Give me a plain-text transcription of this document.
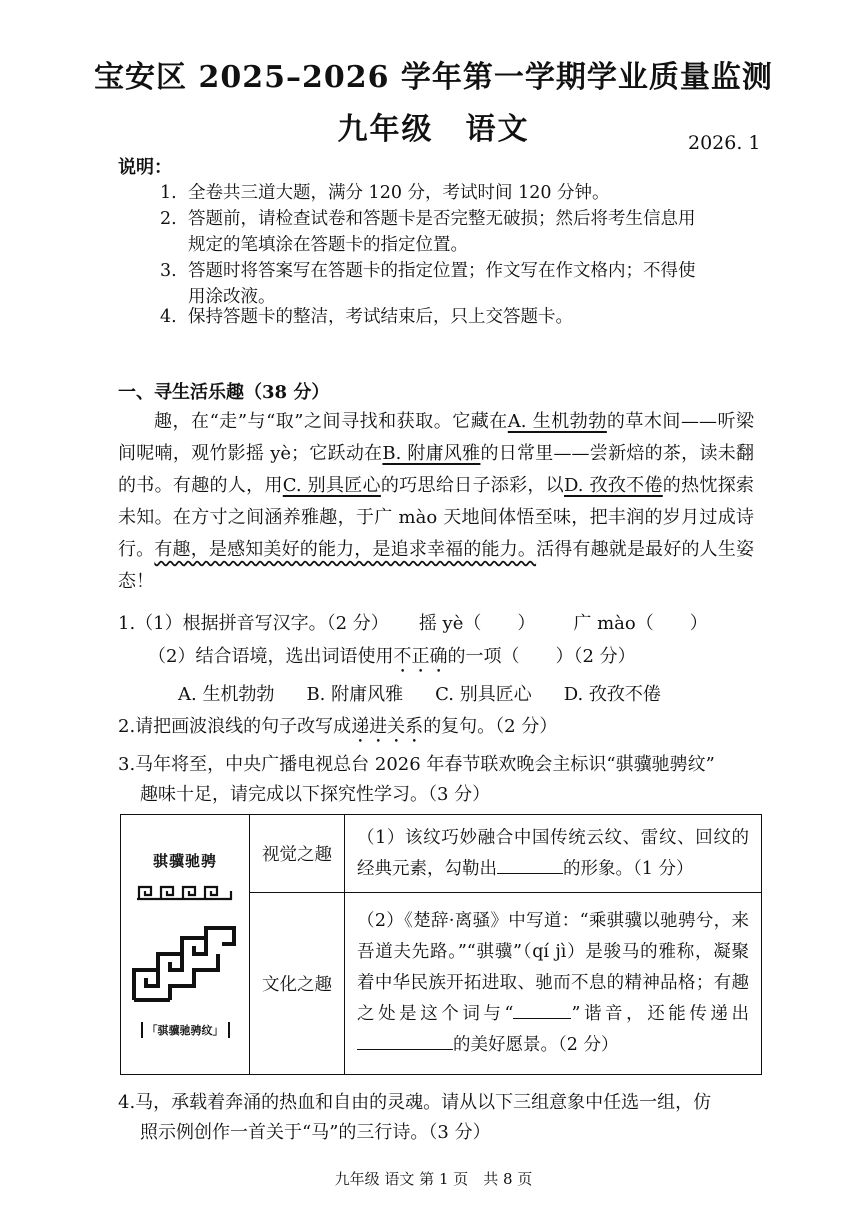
宝安区 2025–2026 学年第一学期学业质量监测
九年级　语文	2026. 1
说明：
1. 全卷共三道大题，满分 120 分，考试时间 120 分钟。
2. 答题前，请检查试卷和答题卡是否完整无破损；然后将考生信息用
规定的笔填涂在答题卡的指定位置。
3. 答题时将答案写在答题卡的指定位置；作文写在作文格内；不得使
用涂改液。
4. 保持答题卡的整洁，考试结束后，只上交答题卡。
一、寻生活乐趣（38 分）
趣，在“走”与“取”之间寻找和获取。它藏在A. 生机勃勃的草木间——听梁间呢喃，观竹影摇 yè；它跃动在B. 附庸风雅的日常里——尝新焙的茶，读未翻的书。有趣的人，用C. 别具匠心的巧思给日子添彩，以D. 孜孜不倦的热忱探索未知。在方寸之间涵养雅趣，于广 mào 天地间体悟至味，把丰润的岁月过成诗行。有趣，是感知美好的能力，是追求幸福的能力。活得有趣就是最好的人生姿态！
1.（1）根据拼音写汉字。（2 分） 摇 yè（　　） 广 mào（　　）
（2）结合语境，选出词语使用不正确的一项（　　）（2 分）
A. 生机勃勃 B. 附庸风雅 C. 别具匠心 D. 孜孜不倦
2.请把画波浪线的句子改写成递进关系的复句。（2 分）
3.马年将至，中央广播电视总台 2026 年春节联欢晚会主标识“骐骥驰骋纹”
趣味十足，请完成以下探究性学习。（3 分）
骐骥驰骋

「骐骥驰骋纹」	视觉之趣	（1）该纹巧妙融合中国传统云纹、雷纹、回纹的经典元素，勾勒出 的形象。（1 分）
	文化之趣	（2）《楚辞·离骚》中写道：“乘骐骥以驰骋兮，来吾道夫先路。”“骐骥”（qí jì）是骏马的雅称，凝聚着中华民族开拓进取、驰而不息的精神品格；有趣之处是这个词与“ ”谐音，还能传递出的美好愿景。（2 分）
4.马，承载着奔涌的热血和自由的灵魂。请从以下三组意象中任选一组，仿
照示例创作一首关于“马”的三行诗。（3 分）
九年级 语文 第 1 页　共 8 页
